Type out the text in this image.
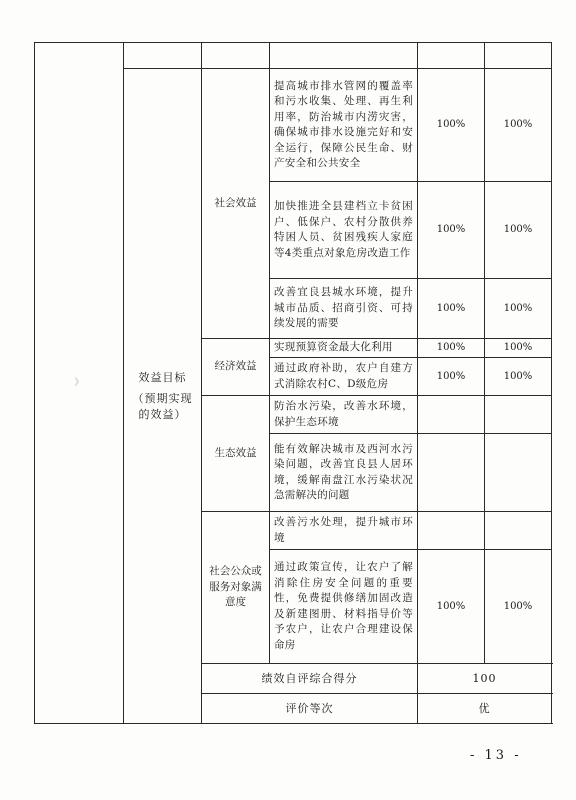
》					

	效益目标
（预期实现的效益）	社会效益	提高城市排水管网的覆盖率和污水收集、处理、再生利用率，防治城市内涝灾害，确保城市排水设施完好和安全运行，保障公民生命、财产安全和公共安全	100%	100%
			加快推进全县建档立卡贫困户、低保户、农村分散供养特困人员、贫困残疾人家庭等4类重点对象危房改造工作	100%	100%
			改善宜良县城水环境，提升城市品质、招商引资、可持续发展的需要	100%	100%
		经济效益	实现预算资金最大化利用	100%	100%
			通过政府补助，农户自建方式消除农村C、D级危房	100%	100%
		生态效益	防治水污染，改善水环境，保护生态环境		
			能有效解决城市及西河水污染问题，改善宜良县人居环境，缓解南盘江水污染状况急需解决的问题		
		社会公众或服务对象满意度	改善污水处理，提升城市环境		
			通过政策宣传，让农户了解消除住房安全问题的重要性，免费提供修缮加固改造及新建图册、材料指导价等予农户，让农户合理建设保命房	100%	100%
		绩效自评综合得分		100	
		评价等次		优	
- 13 -
